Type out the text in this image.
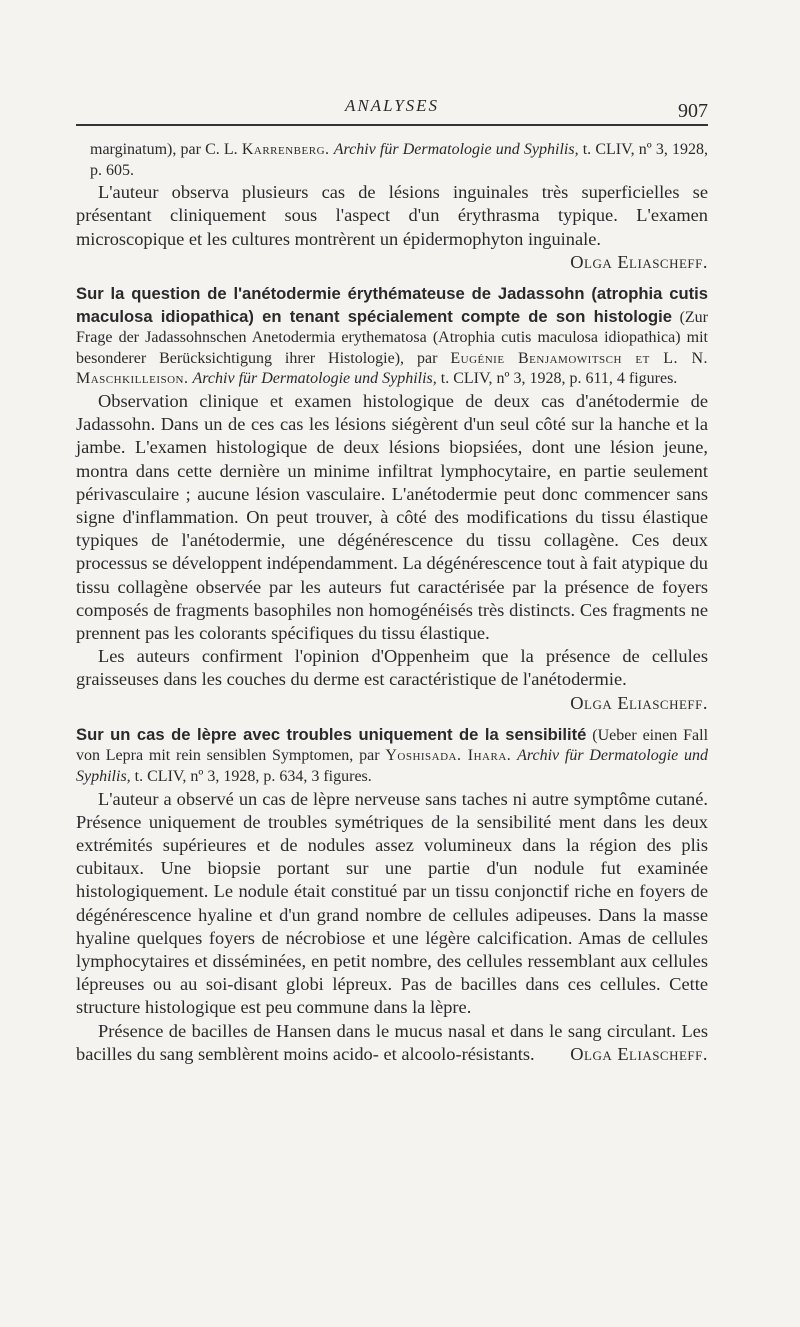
ANALYSES	907

marginatum), par C. L. Karrenberg. Archiv für Dermatologie und Syphilis, t. CLIV, nº 3, 1928, p. 605.

L'auteur observa plusieurs cas de lésions inguinales très superficielles se présentant cliniquement sous l'aspect d'un érythrasma typique. L'examen microscopique et les cultures montrèrent un épidermophyton inguinale.
Olga Eliascheff.

Sur la question de l'anétodermie érythémateuse de Jadassohn (atrophia cutis maculosa idiopathica) en tenant spécialement compte de son histologie (Zur Frage der Jadassohnschen Anetodermia erythematosa (Atrophia cutis maculosa idiopathica) mit besonderer Berücksichtigung ihrer Histologie), par Eugénie Benjamowitsch et L. N. Maschkilleison. Archiv für Dermatologie und Syphilis, t. CLIV, nº 3, 1928, p. 611, 4 figures.

Observation clinique et examen histologique de deux cas d'anétodermie de Jadassohn. Dans un de ces cas les lésions siégèrent d'un seul côté sur la hanche et la jambe. L'examen histologique de deux lésions biopsiées, dont une lésion jeune, montra dans cette dernière un minime infiltrat lymphocytaire, en partie seulement périvasculaire ; aucune lésion vasculaire. L'anétodermie peut donc commencer sans signe d'inflammation. On peut trouver, à côté des modifications du tissu élastique typiques de l'anétodermie, une dégénérescence du tissu collagène. Ces deux processus se développent indépendamment. La dégénérescence tout à fait atypique du tissu collagène observée par les auteurs fut caractérisée par la présence de foyers composés de fragments basophiles non homogénéisés très distincts. Ces fragments ne prennent pas les colorants spécifiques du tissu élastique.

Les auteurs confirment l'opinion d'Oppenheim que la présence de cellules graisseuses dans les couches du derme est caractéristique de l'anétodermie.
Olga Eliascheff.

Sur un cas de lèpre avec troubles uniquement de la sensibilité (Ueber einen Fall von Lepra mit rein sensiblen Symptomen, par Yoshisada. Ihara. Archiv für Dermatologie und Syphilis, t. CLIV, nº 3, 1928, p. 634, 3 figures.

L'auteur a observé un cas de lèpre nerveuse sans taches ni autre symptôme cutané. Présence uniquement de troubles symétriques de la sensibilité ment dans les deux extrémités supérieures et de nodules assez volumineux dans la région des plis cubitaux. Une biopsie portant sur une partie d'un nodule fut examinée histologiquement. Le nodule était constitué par un tissu conjonctif riche en foyers de dégénérescence hyaline et d'un grand nombre de cellules adipeuses. Dans la masse hyaline quelques foyers de nécrobiose et une légère calcification. Amas de cellules lymphocytaires et disséminées, en petit nombre, des cellules ressemblant aux cellules lépreuses ou au soi-disant globi lépreux. Pas de bacilles dans ces cellules. Cette structure histologique est peu commune dans la lèpre.

Présence de bacilles de Hansen dans le mucus nasal et dans le sang circulant. Les bacilles du sang semblèrent moins acido- et alcoolo-résistants.	Olga Eliascheff.
